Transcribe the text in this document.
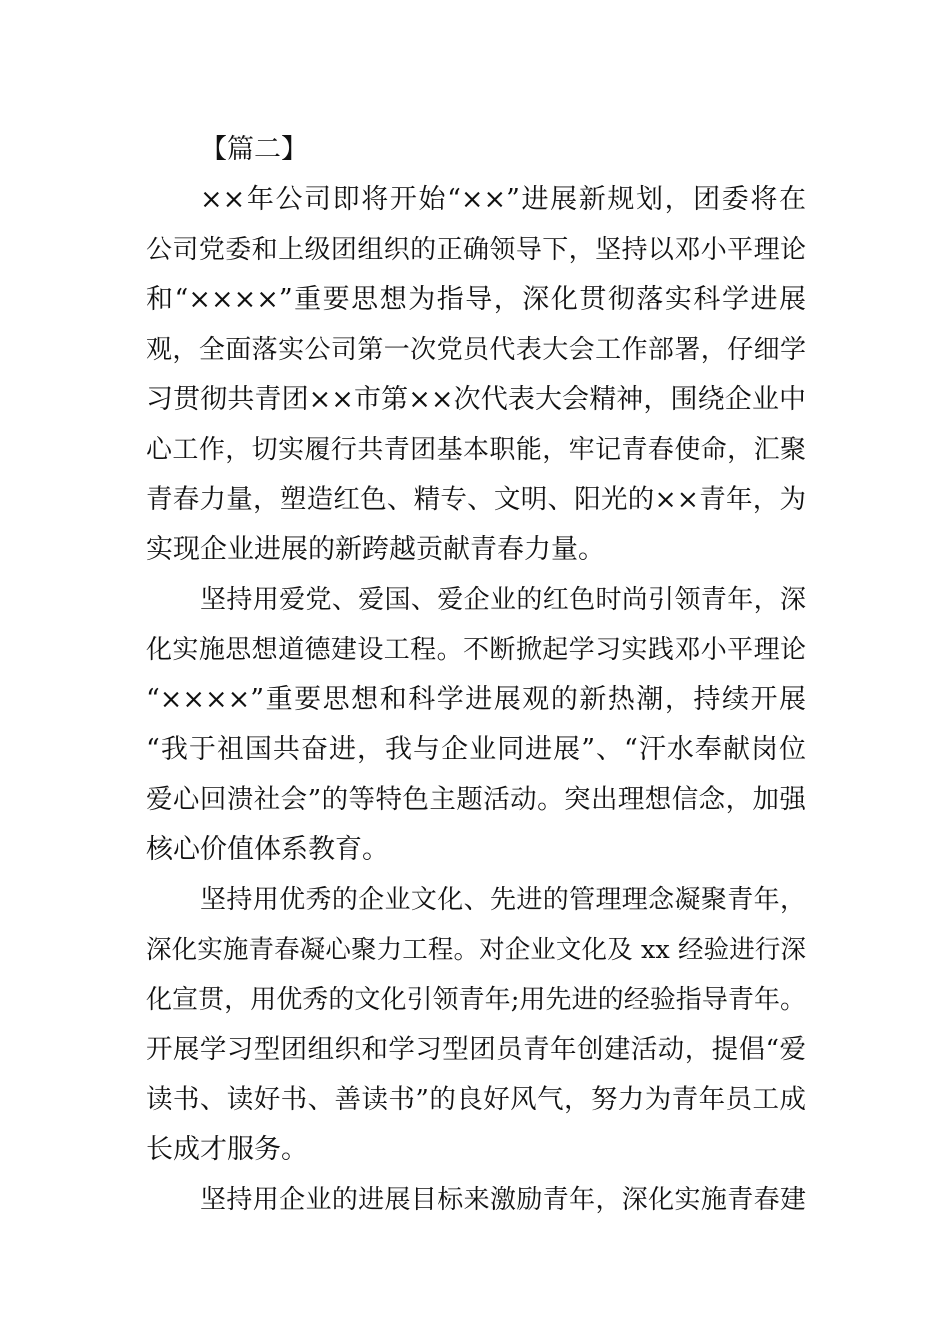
【篇二】

××年公司即将开始“××”进展新规划，团委将在

公司党委和上级团组织的正确领导下，坚持以邓小平理论

和“××××”重要思想为指导，深化贯彻落实科学进展

观，全面落实公司第一次党员代表大会工作部署，仔细学

习贯彻共青团××市第××次代表大会精神，围绕企业中

心工作，切实履行共青团基本职能，牢记青春使命，汇聚

青春力量，塑造红色、精专、文明、阳光的××青年，为

实现企业进展的新跨越贡献青春力量。

坚持用爱党、爱国、爱企业的红色时尚引领青年，深

化实施思想道德建设工程。不断掀起学习实践邓小平理论

“××××”重要思想和科学进展观的新热潮，持续开展

“我于祖国共奋进，我与企业同进展”、“汗水奉献岗位

爱心回溃社会”的等特色主题活动。突出理想信念，加强

核心价值体系教育。

坚持用优秀的企业文化、先进的管理理念凝聚青年，

深化实施青春凝心聚力工程。对企业文化及 xx 经验进行深

化宣贯，用优秀的文化引领青年;用先进的经验指导青年。

开展学习型团组织和学习型团员青年创建活动，提倡“爱

读书、读好书、善读书”的良好风气，努力为青年员工成

长成才服务。

坚持用企业的进展目标来激励青年，深化实施青春建
